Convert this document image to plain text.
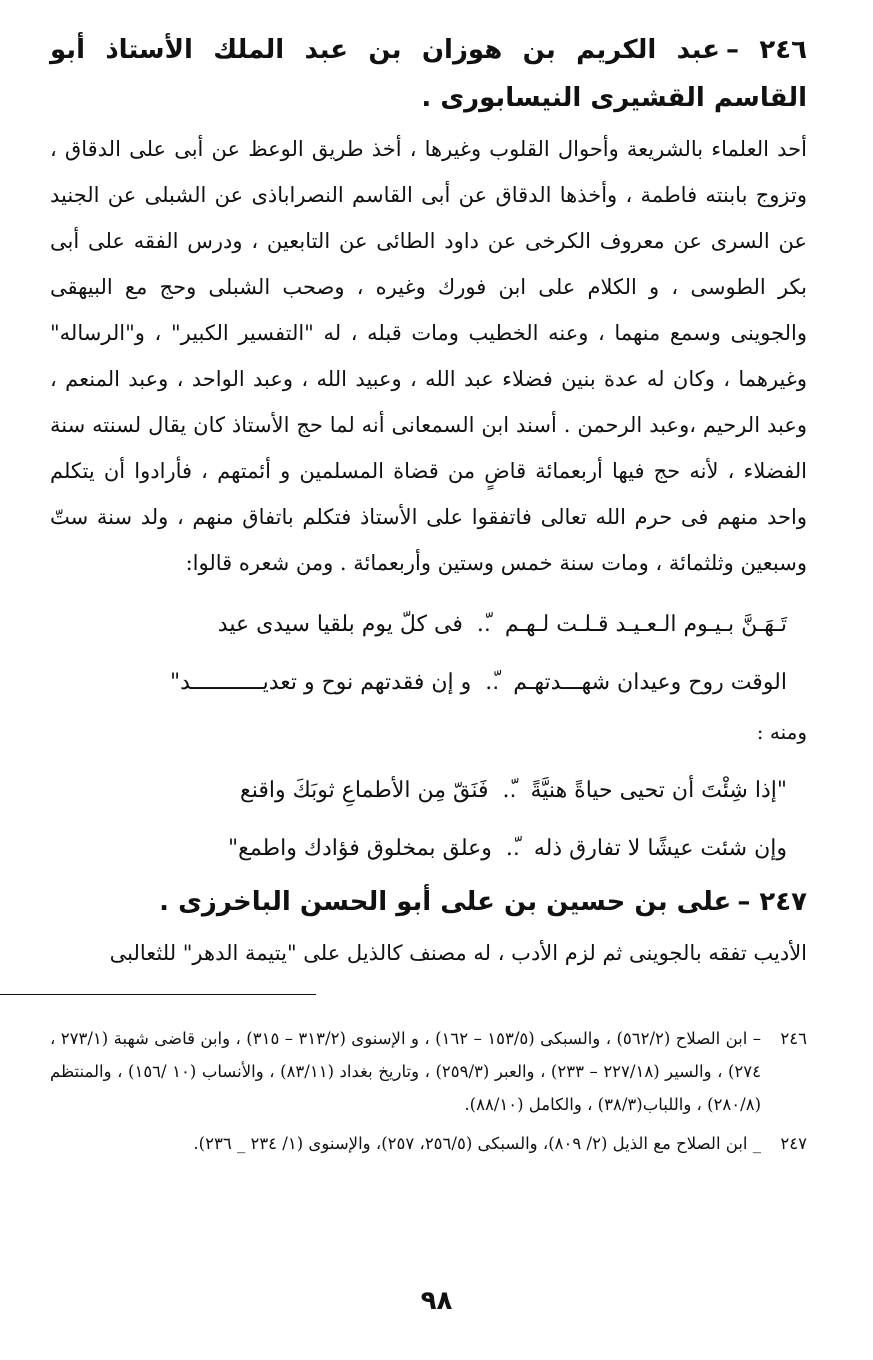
٢٤٦ –عبد الكريم بن هوزان بن عبد الملك الأستاذ أبو القاسم القشيرى النيسابورى .

أحد العلماء بالشريعة وأحوال القلوب وغيرها ، أخذ طريق الوعظ عن أبى على الدقاق ، وتزوج بابنته فاطمة ، وأخذها الدقاق عن أبى القاسم النصراباذى عن الشبلى عن الجنيد عن السرى عن معروف الكرخى عن داود الطائى عن التابعين ، ودرس الفقه على أبى بكر الطوسى ، و الكلام على ابن فورك وغيره ، وصحب الشبلى وحج مع البيهقى والجوينى وسمع منهما ، وعنه الخطيب ومات قبله ، له "التفسير الكبير" ، و"الرساله" وغيرهما ، وكان له عدة بنين فضلاء عبد الله ، وعبيد الله ، وعبد الواحد ، وعبد المنعم ، وعبد الرحيم ،وعبد الرحمن . أسند ابن السمعانى أنه لما حج الأستاذ كان يقال لسنته سنة الفضلاء ، لأنه حج فيها أربعمائة قاضٍ من قضاة المسلمين و أئمتهم ، فأرادوا أن يتكلم واحد منهم فى حرم الله تعالى فاتفقوا على الأستاذ فتكلم باتفاق منهم ، ولد سنة ستّ وسبعين وثلثمائة ، ومات سنة خمس وستين وأربعمائة . ومن شعره قالوا:

تَـهَـنَّ بـيـوم الـعـيـد قـلـت لـهـم
.ّ.
فى كلّ يوم بلقيا سيدى عيد
الوقت روح وعيدان شهـــدتهـم
.ّ.
و إن فقدتهم نوح و تعديـــــــــــد"

ومنه :

"إذا شِئْتَ أن تحيى حياةً هنيَّةً
.ّ.
فَنَقّ مِن الأطماعِ ثوبَكَ واقنع
وإن شئت عيشًا لا تفارق ذله
.ّ.
وعلق بمخلوق فؤادك واطمع"

٢٤٧ –على بن حسين بن على أبو الحسن الباخرزى .

الأديب تفقه بالجوينى ثم لزم الأدب ، له مصنف كالذيل على "يتيمة الدهر" للثعالبى

٢٤٦– ابن الصلاح (٥٦٢/٢) ، والسبكى (١٥٣/٥ – ١٦٢) ، و الإسنوى (٣١٣/٢ – ٣١٥) ، وابن قاضى شهبة (٢٧٣/١ ، ٢٧٤) ، والسير (٢٢٧/١٨ – ٢٣٣) ، والعبر (٢٥٩/٣) ، وتاريخ بغداد (٨٣/١١) ، والأنساب (١٠ /١٥٦) ، والمنتظم (٢٨٠/٨) ، واللباب(٣٨/٣) ، والكامل (٨٨/١٠).

٢٤٧_ ابن الصلاح مع الذيل (٢/ ٨٠٩)، والسبكى (٢٥٦/٥، ٢٥٧)، والإسنوى (١/ ٢٣٤ _ ٢٣٦).

٩٨
